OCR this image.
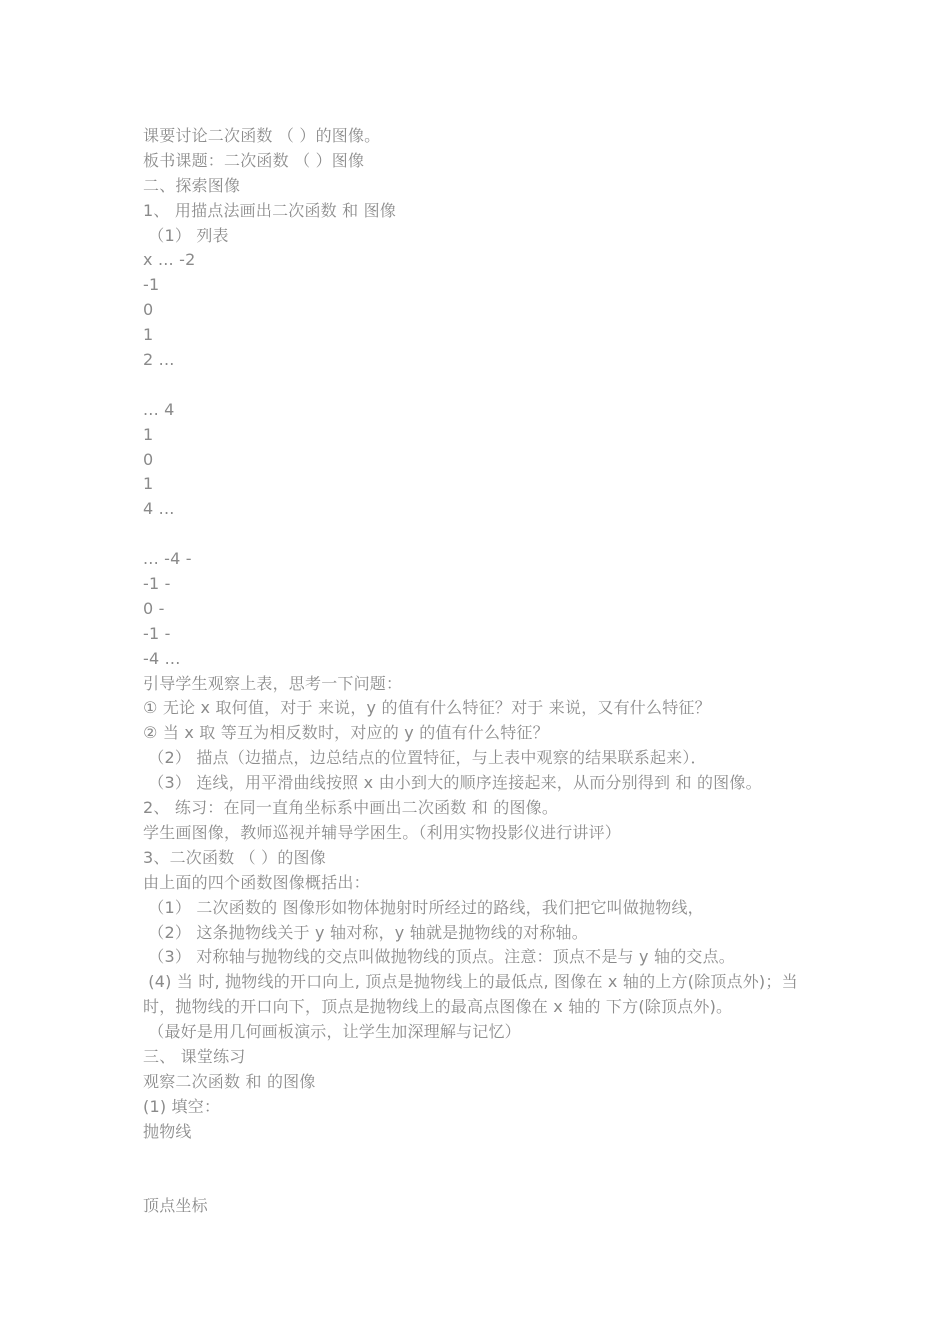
课要讨论二次函数 （ ）的图像。
板书课题：二次函数 （ ）图像
二、探索图像
1、 用描点法画出二次函数 和 图像
（1） 列表
x ... -2
-1
0
1
2 ...
... 4
1
0
1
4 ...
... -4 -
-1 -
0 -
-1 -
-4 ...
引导学生观察上表，思考一下问题：
① 无论 x 取何值，对于 来说，y 的值有什么特征？对于 来说，又有什么特征？
② 当 x 取 等互为相反数时，对应的 y 的值有什么特征？
（2） 描点（边描点，边总结点的位置特征，与上表中观察的结果联系起来）．
（3） 连线，用平滑曲线按照 x 由小到大的顺序连接起来，从而分别得到 和 的图像。
2、 练习：在同一直角坐标系中画出二次函数 和 的图像。
学生画图像，教师巡视并辅导学困生。（利用实物投影仪进行讲评）
3、二次函数 （ ）的图像
由上面的四个函数图像概括出：
（1） 二次函数的 图像形如物体抛射时所经过的路线，我们把它叫做抛物线，
（2） 这条抛物线关于 y 轴对称，y 轴就是抛物线的对称轴。
（3） 对称轴与抛物线的交点叫做抛物线的顶点。注意：顶点不是与 y 轴的交点。
(4) 当 时, 抛物线的开口向上, 顶点是抛物线上的最低点, 图像在 x 轴的上方(除顶点外)；当
时，抛物线的开口向下，顶点是抛物线上的最高点图像在 x 轴的 下方(除顶点外)。
（最好是用几何画板演示，让学生加深理解与记忆）
三、 课堂练习
观察二次函数 和 的图像
(1) 填空：
抛物线
顶点坐标
